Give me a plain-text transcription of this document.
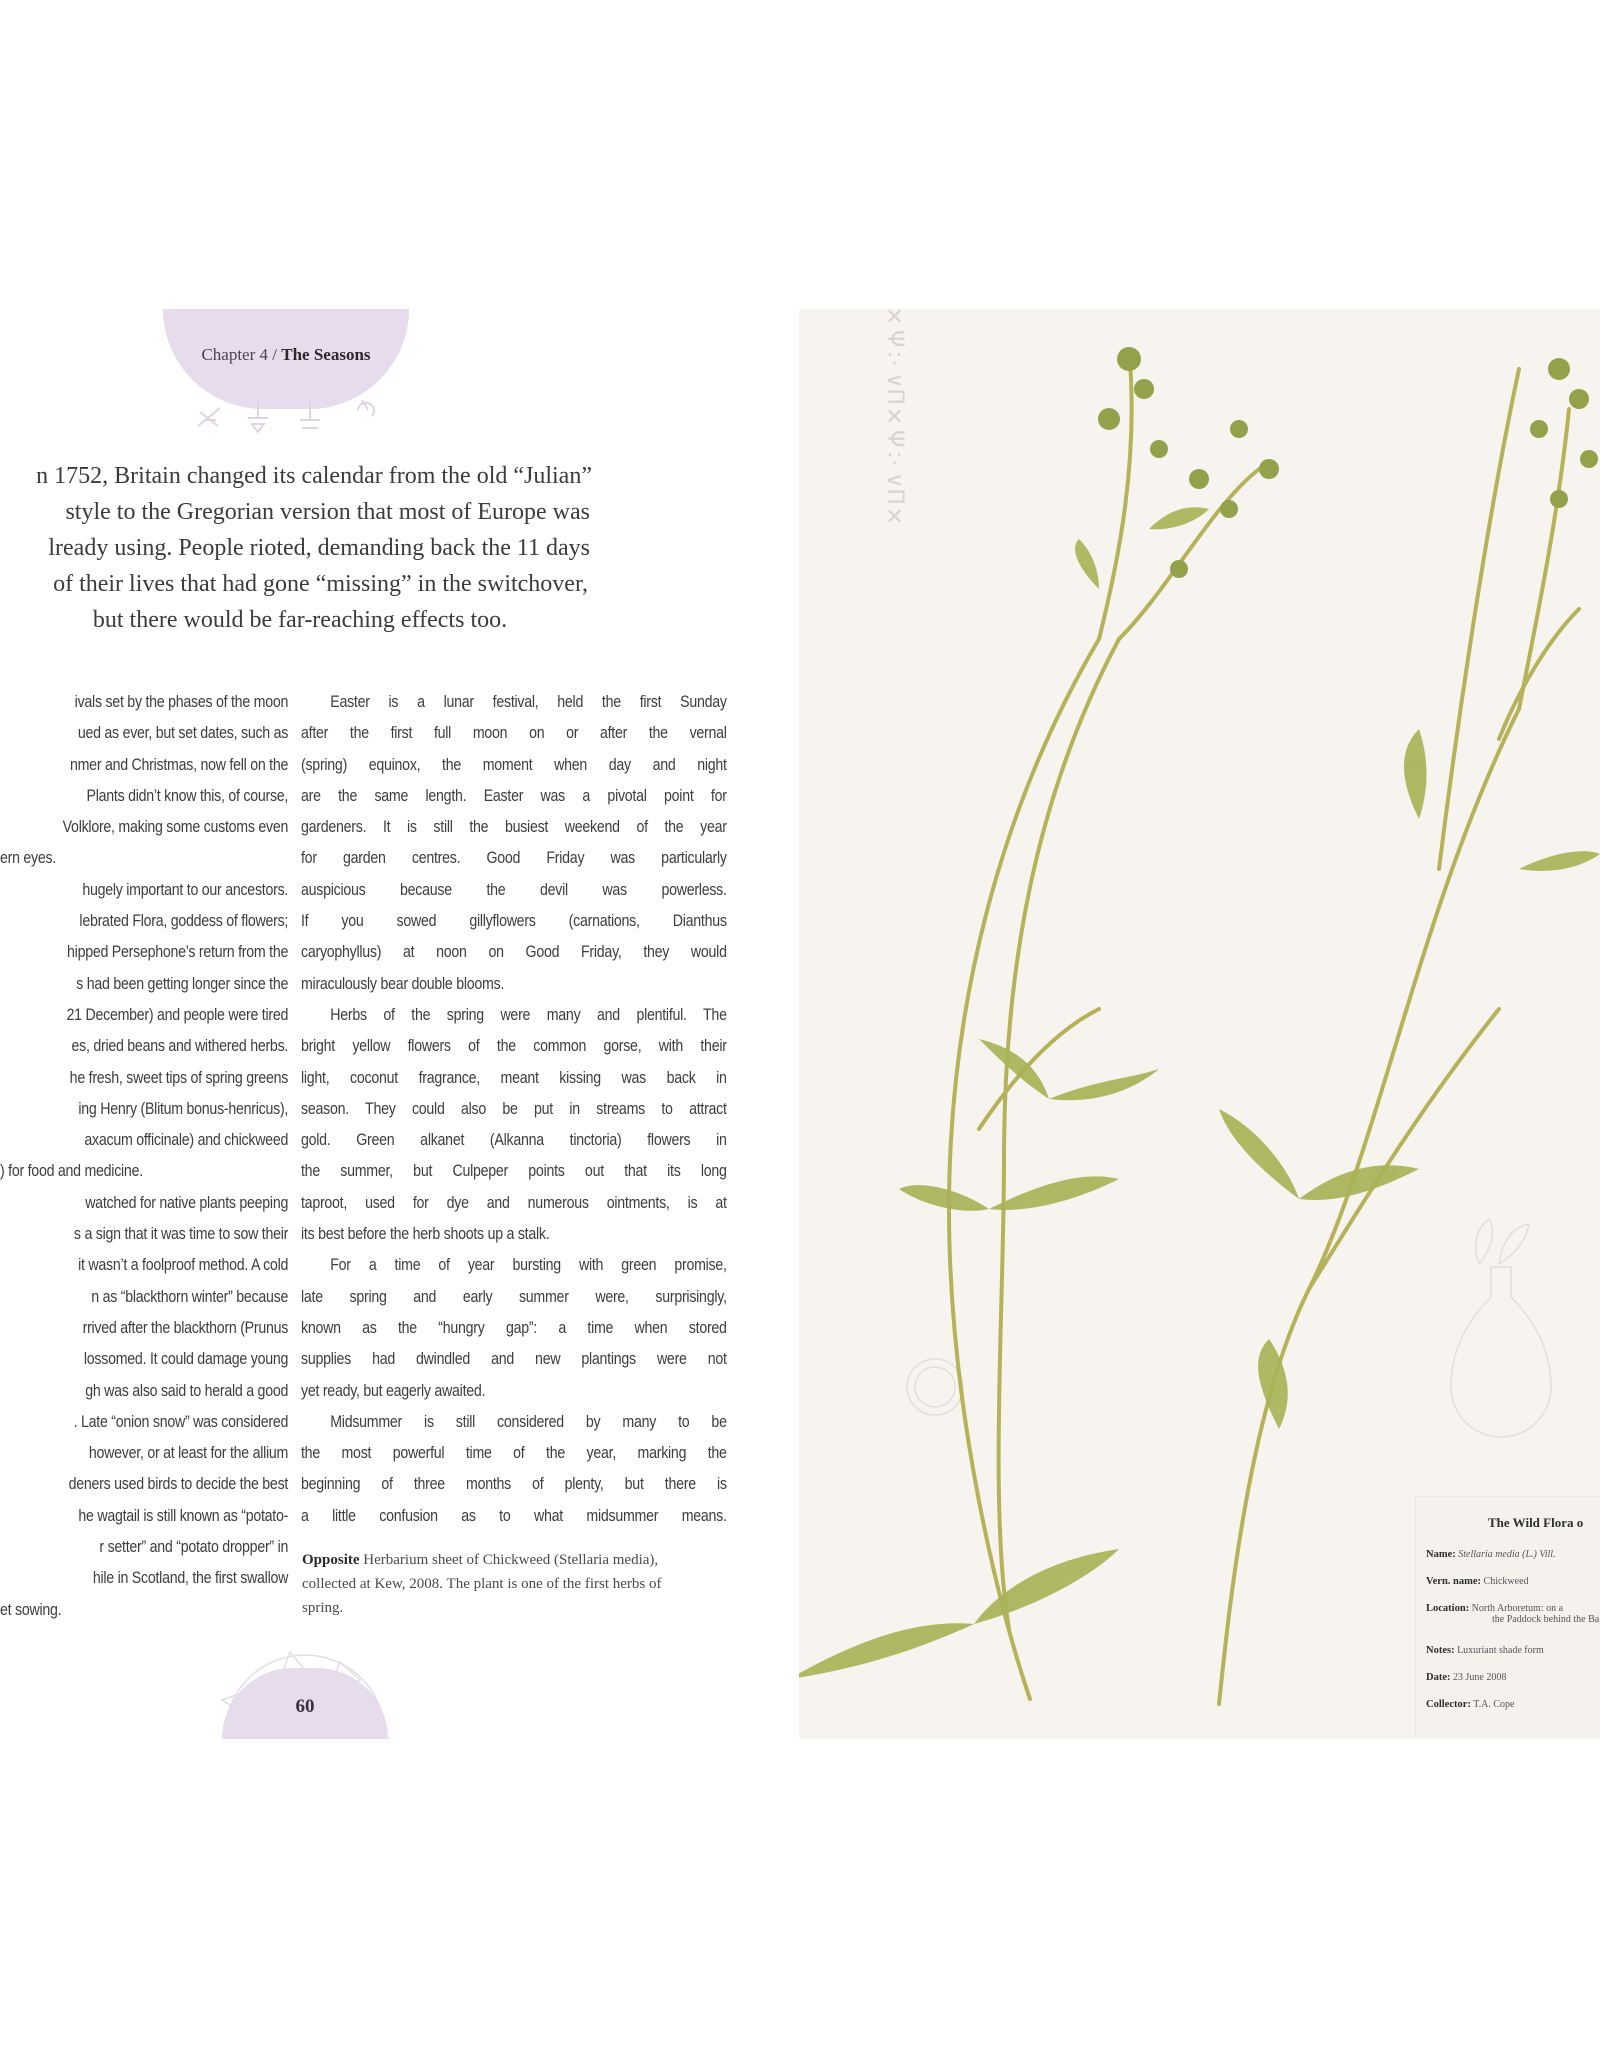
Chapter 4 / The Seasons
n 1752, Britain changed its calendar from the old “Julian”
style to the Gregorian version that most of Europe was
lready using. People rioted, demanding back the 11 days
of their lives that had gone “missing” in the switchover,
but there would be far-reaching effects too.
ivals set by the phases of the moon
ued as ever, but set dates, such as
nmer and Christmas, now fell on the
Plants didn’t know this, of course,
Volklore, making some customs even
ern eyes.
hugely important to our ancestors.
lebrated Flora, goddess of flowers;
hipped Persephone’s return from the
s had been getting longer since the
21 December) and people were tired
es, dried beans and withered herbs.
he fresh, sweet tips of spring greens
ing Henry (Blitum bonus-henricus),
axacum officinale) and chickweed
) for food and medicine.
watched for native plants peeping
s a sign that it was time to sow their
it wasn’t a foolproof method. A cold
n as “blackthorn winter” because
rrived after the blackthorn (Prunus
lossomed. It could damage young
gh was also said to herald a good
. Late “onion snow” was considered
however, or at least for the allium
deners used birds to decide the best
he wagtail is still known as “potato-
r setter” and “potato dropper” in
hile in Scotland, the first swallow
et sowing.
Easter is a lunar festival, held the first Sunday
after the first full moon on or after the vernal
(spring) equinox, the moment when day and night
are the same length. Easter was a pivotal point for
gardeners. It is still the busiest weekend of the year
for garden centres. Good Friday was particularly
auspicious because the devil was powerless.
If you sowed gillyflowers (carnations, Dianthus
caryophyllus) at noon on Good Friday, they would
miraculously bear double blooms.
Herbs of the spring were many and plentiful. The
bright yellow flowers of the common gorse, with their
light, coconut fragrance, meant kissing was back in
season. They could also be put in streams to attract
gold. Green alkanet (Alkanna tinctoria) flowers in
the summer, but Culpeper points out that its long
taproot, used for dye and numerous ointments, is at
its best before the herb shoots up a stalk.
For a time of year bursting with green promise,
late spring and early summer were, surprisingly,
known as the “hungry gap”: a time when stored
supplies had dwindled and new plantings were not
yet ready, but eagerly awaited.
Midsummer is still considered by many to be
the most powerful time of the year, marking the
beginning of three months of plenty, but there is
a little confusion as to what midsummer means.
Opposite Herbarium sheet of Chickweed (Stellaria media), collected at Kew, 2008. The plant is one of the first herbs of spring.
60
✕Ψ∵∨Π✕Ψ∵∨Π✕
The Wild Flora o
Name: Stellaria media (L.) Vill.
Vern. name: Chickweed
Location: North Arboretum: on a
the Paddock behind the Ba
Notes: Luxuriant shade form
Date: 23 June 2008
Collector: T.A. Cope
